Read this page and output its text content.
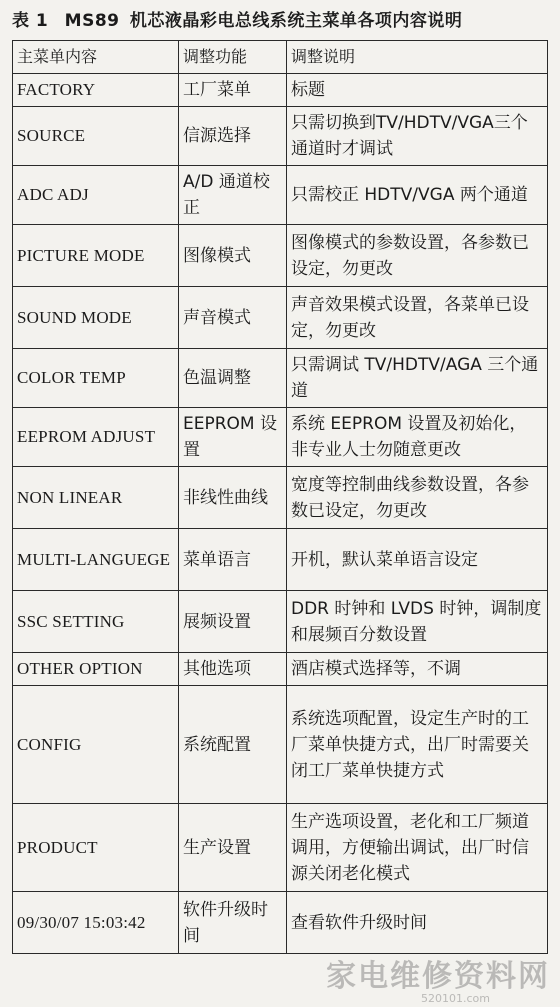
表 1 MS89 机芯液晶彩电总线系统主菜单各项内容说明
主菜单内容	调整功能	调整说明
FACTORY	工厂菜单	标题
SOURCE	信源选择	只需切换到TV/HDTV/VGA三个通道时才调试
ADC ADJ	A/D 通道校正	只需校正 HDTV/VGA 两个通道
PICTURE MODE	图像模式	图像模式的参数设置，各参数已设定，勿更改
SOUND MODE	声音模式	声音效果模式设置，各菜单已设定，勿更改
COLOR TEMP	色温调整	只需调试 TV/HDTV/AGA 三个通道
EEPROM ADJUST	EEPROM 设置	系统 EEPROM 设置及初始化，非专业人士勿随意更改
NON LINEAR	非线性曲线	宽度等控制曲线参数设置，各参数已设定，勿更改
MULTI-LANGUEGE	菜单语言	开机，默认菜单语言设定
SSC SETTING	展频设置	DDR 时钟和 LVDS 时钟，调制度和展频百分数设置
OTHER OPTION	其他选项	酒店模式选择等，不调
CONFIG	系统配置	系统选项配置，设定生产时的工厂菜单快捷方式，出厂时需要关闭工厂菜单快捷方式
PRODUCT	生产设置	生产选项设置，老化和工厂频道调用，方便输出调试，出厂时信源关闭老化模式
09/30/07 15:03:42	软件升级时间	查看软件升级时间
家电维修资料网
520101.com
